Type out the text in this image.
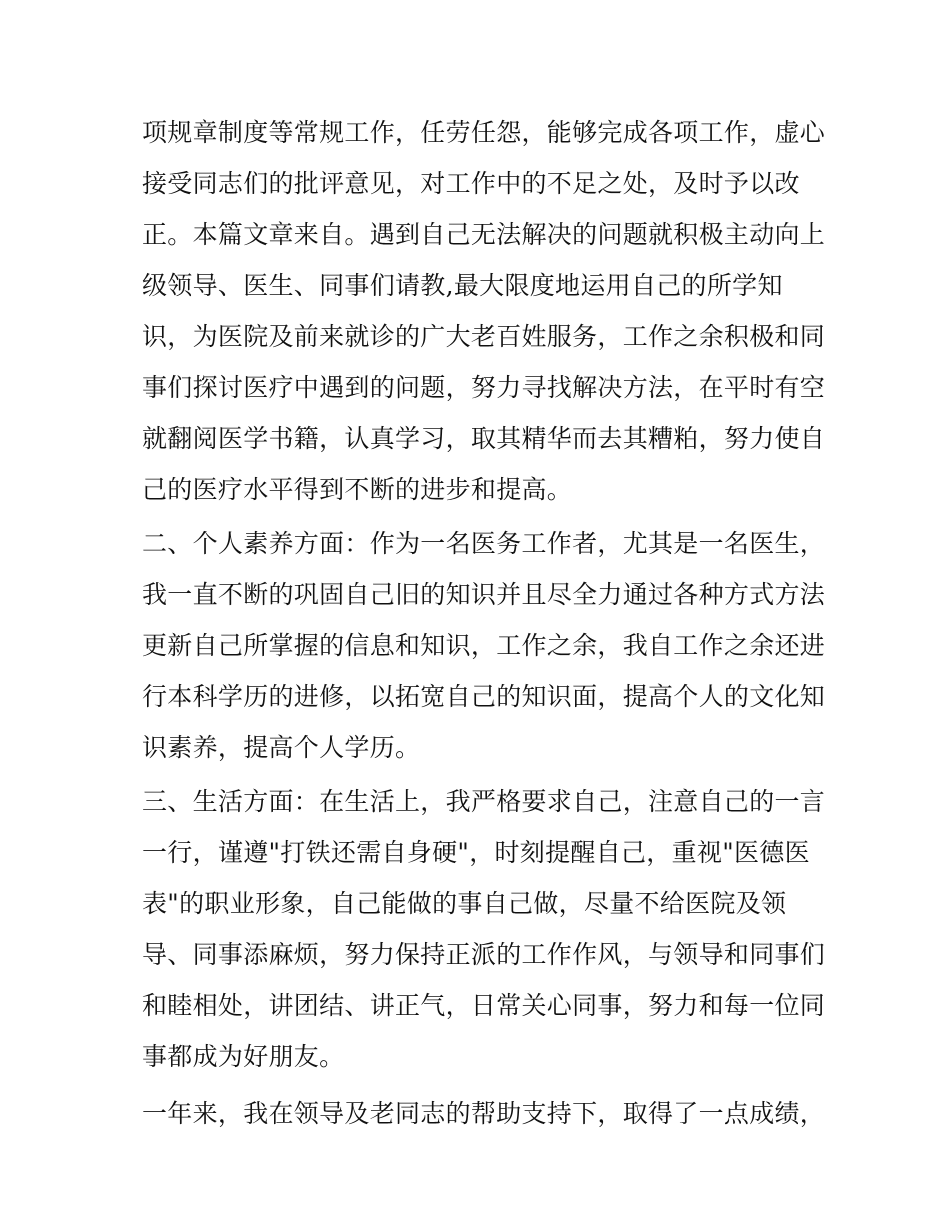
项规章制度等常规工作，任劳任怨，能够完成各项工作，虚心
接受同志们的批评意见，对工作中的不足之处，及时予以改
正。本篇文章来自。遇到自己无法解决的问题就积极主动向上
级领导、医生、同事们请教,最大限度地运用自己的所学知
识，为医院及前来就诊的广大老百姓服务，工作之余积极和同
事们探讨医疗中遇到的问题，努力寻找解决方法，在平时有空
就翻阅医学书籍，认真学习，取其精华而去其糟粕，努力使自
己的医疗水平得到不断的进步和提高。
二、个人素养方面：作为一名医务工作者，尤其是一名医生，
我一直不断的巩固自己旧的知识并且尽全力通过各种方式方法
更新自己所掌握的信息和知识，工作之余，我自工作之余还进
行本科学历的进修，以拓宽自己的知识面，提高个人的文化知
识素养，提高个人学历。
三、生活方面：在生活上，我严格要求自己，注意自己的一言
一行，谨遵"打铁还需自身硬"，时刻提醒自己，重视"医德医
表"的职业形象，自己能做的事自己做，尽量不给医院及领
导、同事添麻烦，努力保持正派的工作作风，与领导和同事们
和睦相处，讲团结、讲正气，日常关心同事，努力和每一位同
事都成为好朋友。
一年来，我在领导及老同志的帮助支持下，取得了一点成绩，
